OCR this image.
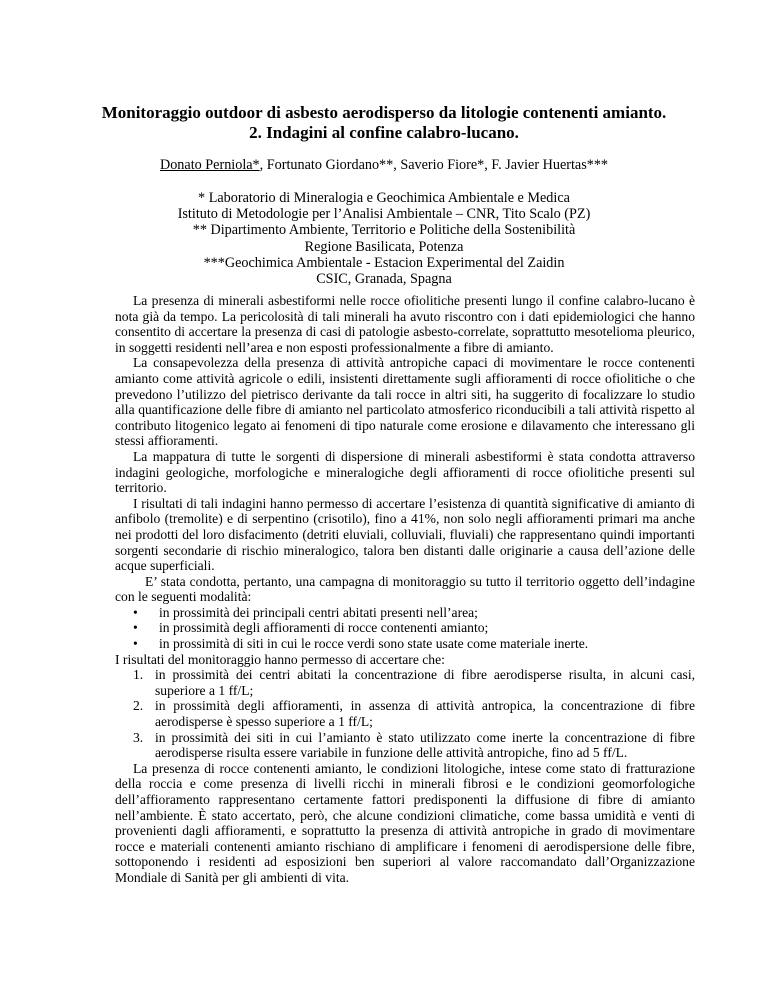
Monitoraggio outdoor di asbesto aerodisperso da litologie contenenti amianto. 2. Indagini al confine calabro-lucano.
Donato Perniola*, Fortunato Giordano**, Saverio Fiore*, F. Javier Huertas***
* Laboratorio di Mineralogia e Geochimica Ambientale e Medica
Istituto di Metodologie per l’Analisi Ambientale – CNR, Tito Scalo (PZ)
** Dipartimento Ambiente, Territorio e Politiche della Sostenibilità
Regione Basilicata, Potenza
***Geochimica Ambientale - Estacion Experimental del Zaidin
CSIC, Granada, Spagna

La presenza di minerali asbestiformi nelle rocce ofiolitiche presenti lungo il confine calabro-lucano è nota già da tempo. La pericolosità di tali minerali ha avuto riscontro con i dati epidemiologici che hanno consentito di accertare la presenza di casi di patologie asbesto-correlate, soprattutto mesotelioma pleurico, in soggetti residenti nell’area e non esposti professionalmente a fibre di amianto.

La consapevolezza della presenza di attività antropiche capaci di movimentare le rocce contenenti amianto come attività agricole o edili, insistenti direttamente sugli affioramenti di rocce ofiolitiche o che prevedono l’utilizzo del pietrisco derivante da tali rocce in altri siti, ha suggerito di focalizzare lo studio alla quantificazione delle fibre di amianto nel particolato atmosferico riconducibili a tali attività rispetto al contributo litogenico legato ai fenomeni di tipo naturale come erosione e dilavamento che interessano gli stessi affioramenti.

La mappatura di tutte le sorgenti di dispersione di minerali asbestiformi è stata condotta attraverso indagini geologiche, morfologiche e mineralogiche degli affioramenti di rocce ofiolitiche presenti sul territorio.

I risultati di tali indagini hanno permesso di accertare l’esistenza di quantità significative di amianto di anfibolo (tremolite) e di serpentino (crisotilo), fino a 41%, non solo negli affioramenti primari ma anche nei prodotti del loro disfacimento (detriti eluviali, colluviali, fluviali) che rappresentano quindi importanti sorgenti secondarie di rischio mineralogico, talora ben distanti dalle originarie a causa dell’azione delle acque superficiali.

E’ stata condotta, pertanto, una campagna di monitoraggio su tutto il territorio oggetto dell’indagine con le seguenti modalità:

• in prossimità dei principali centri abitati presenti nell’area;
• in prossimità degli affioramenti di rocce contenenti amianto;
• in prossimità di siti in cui le rocce verdi sono state usate come materiale inerte.

I risultati del monitoraggio hanno permesso di accertare che:

1. in prossimità dei centri abitati la concentrazione di fibre aerodisperse risulta, in alcuni casi, superiore a 1 ff/L;
2. in prossimità degli affioramenti, in assenza di attività antropica, la concentrazione di fibre aerodisperse è spesso superiore a 1 ff/L;
3. in prossimità dei siti in cui l’amianto è stato utilizzato come inerte la concentrazione di fibre aerodisperse risulta essere variabile in funzione delle attività antropiche, fino ad 5 ff/L.

La presenza di rocce contenenti amianto, le condizioni litologiche, intese come stato di fratturazione della roccia e come presenza di livelli ricchi in minerali fibrosi e le condizioni geomorfologiche dell’affioramento rappresentano certamente fattori predisponenti la diffusione di fibre di amianto nell’ambiente. È stato accertato, però, che alcune condizioni climatiche, come bassa umidità e venti di provenienti dagli affioramenti, e soprattutto la presenza di attività antropiche in grado di movimentare rocce e materiali contenenti amianto rischiano di amplificare i fenomeni di aerodispersione delle fibre, sottoponendo i residenti ad esposizioni ben superiori al valore raccomandato dall’Organizzazione Mondiale di Sanità per gli ambienti di vita.
